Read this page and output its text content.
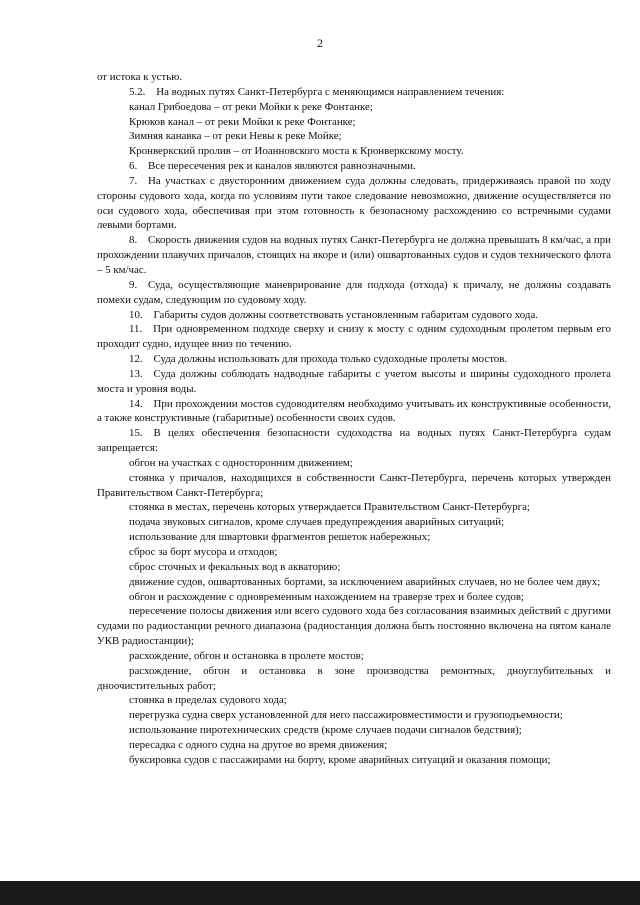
2

от истока к устью.

5.2. На водных путях Санкт-Петербурга с меняющимся направлением течения:

канал Грибоедова – от реки Мойки к реке Фонтанке;

Крюков канал – от реки Мойки к реке Фонтанке;

Зимняя канавка – от реки Невы к реке Мойке;

Кронверкский пролив – от Иоанновского моста к Кронверкскому мосту.

6. Все пересечения рек и каналов являются равнозначными.

7. На участках с двусторонним движением суда должны следовать, придерживаясь правой по ходу стороны судового хода, когда по условиям пути такое следование невозможно, движение осуществляется по оси судового хода, обеспечивая при этом готовность к безопасному расхождению со встречными судами левыми бортами.

8. Скорость движения судов на водных путях Санкт-Петербурга не должна превышать 8 км/час, а при прохождении плавучих причалов, стоящих на якоре и (или) ошвартованных судов и судов технического флота – 5 км/час.

9. Суда, осуществляющие маневрирование для подхода (отхода) к причалу, не должны создавать помехи судам, следующим по судовому ходу.

10. Габариты судов должны соответствовать установленным габаритам судового хода.

11. При одновременном подходе сверху и снизу к мосту с одним судоходным пролетом первым его проходит судно, идущее вниз по течению.

12. Суда должны использовать для прохода только судоходные пролеты мостов.

13. Суда должны соблюдать надводные габариты с учетом высоты и ширины судоходного пролета моста и уровня воды.

14. При прохождении мостов судоводителям необходимо учитывать их конструктивные особенности, а также конструктивные (габаритные) особенности своих судов.

15. В целях обеспечения безопасности судоходства на водных путях Санкт-Петербурга судам запрещается:

обгон на участках с односторонним движением;

стоянка у причалов, находящихся в собственности Санкт-Петербурга, перечень которых утвержден Правительством Санкт-Петербурга;

стоянка в местах, перечень которых утверждается Правительством Санкт-Петербурга;

подача звуковых сигналов, кроме случаев предупреждения аварийных ситуаций;

использование для швартовки фрагментов решеток набережных;

сброс за борт мусора и отходов;

сброс сточных и фекальных вод в акваторию;

движение судов, ошвартованных бортами, за исключением аварийных случаев, но не более чем двух;

обгон и расхождение с одновременным нахождением на траверзе трех и более судов;

пересечение полосы движения или всего судового хода без согласования взаимных действий с другими судами по радиостанции речного диапазона (радиостанция должна быть постоянно включена на пятом канале УКВ радиостанции);

расхождение, обгон и остановка в пролете мостов;

расхождение, обгон и остановка в зоне производства ремонтных, дноуглубительных и дноочистительных работ;

стоянка в пределах судового хода;

перегрузка судна сверх установленной для него пассажировместимости и грузоподъемности;

использование пиротехнических средств (кроме случаев подачи сигналов бедствия);

пересадка с одного судна на другое во время движения;

буксировка судов с пассажирами на борту, кроме аварийных ситуаций и оказания помощи;
